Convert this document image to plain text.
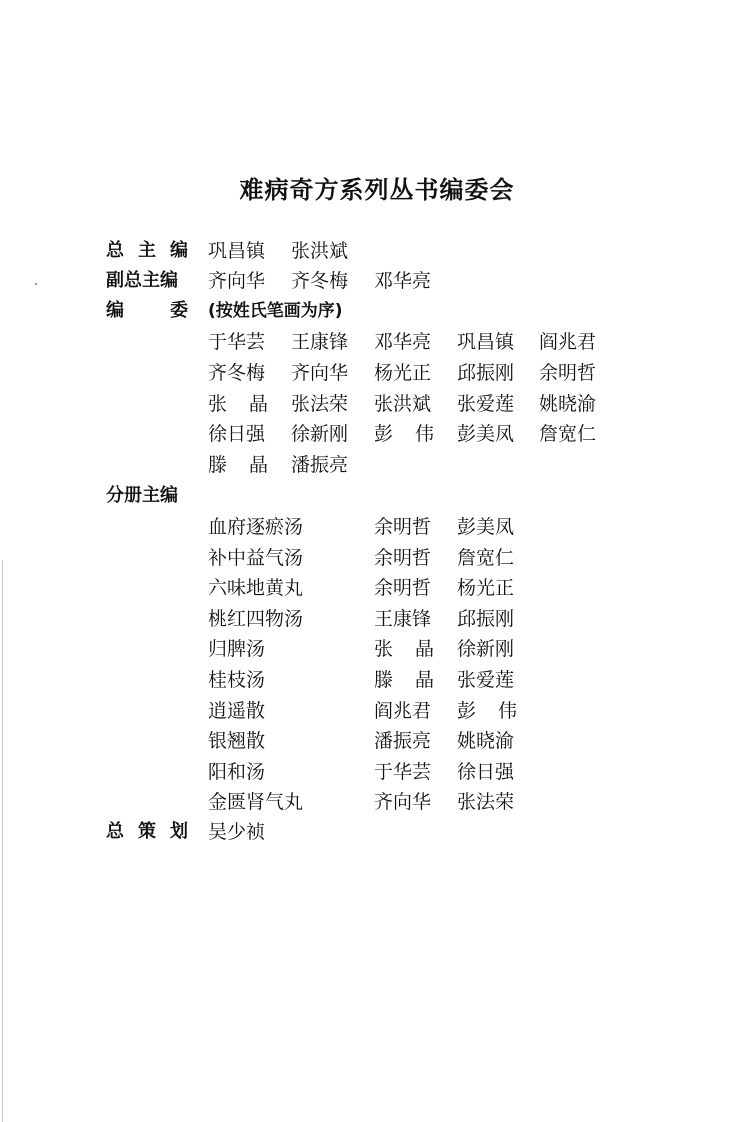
难病奇方系列丛书编委会
总 主 编 巩昌镇 张洪斌
副总主编	齐向华 齐冬梅 邓华亮
编	委 (按姓氏笔画为序)
于华芸 王康锋 邓华亮 巩昌镇 阎兆君
齐冬梅 齐向华 杨光正 邱振刚 余明哲
张 晶 张法荣 张洪斌 张爱莲 姚晓渝
徐日强 徐新刚 彭 伟 彭美凤 詹宽仁
滕 晶 潘振亮
分册主编
血府逐瘀汤	余明哲 彭美凤
补中益气汤	余明哲 詹宽仁
六味地黄丸	余明哲 杨光正
桃红四物汤	王康锋 邱振刚
归脾汤	张 晶 徐新刚
桂枝汤	滕 晶 张爱莲
逍遥散	阎兆君 彭 伟
银翘散	潘振亮 姚晓渝
阳和汤	于华芸 徐日强
金匮肾气丸	齐向华 张法荣
总 策 划 吴少祯
